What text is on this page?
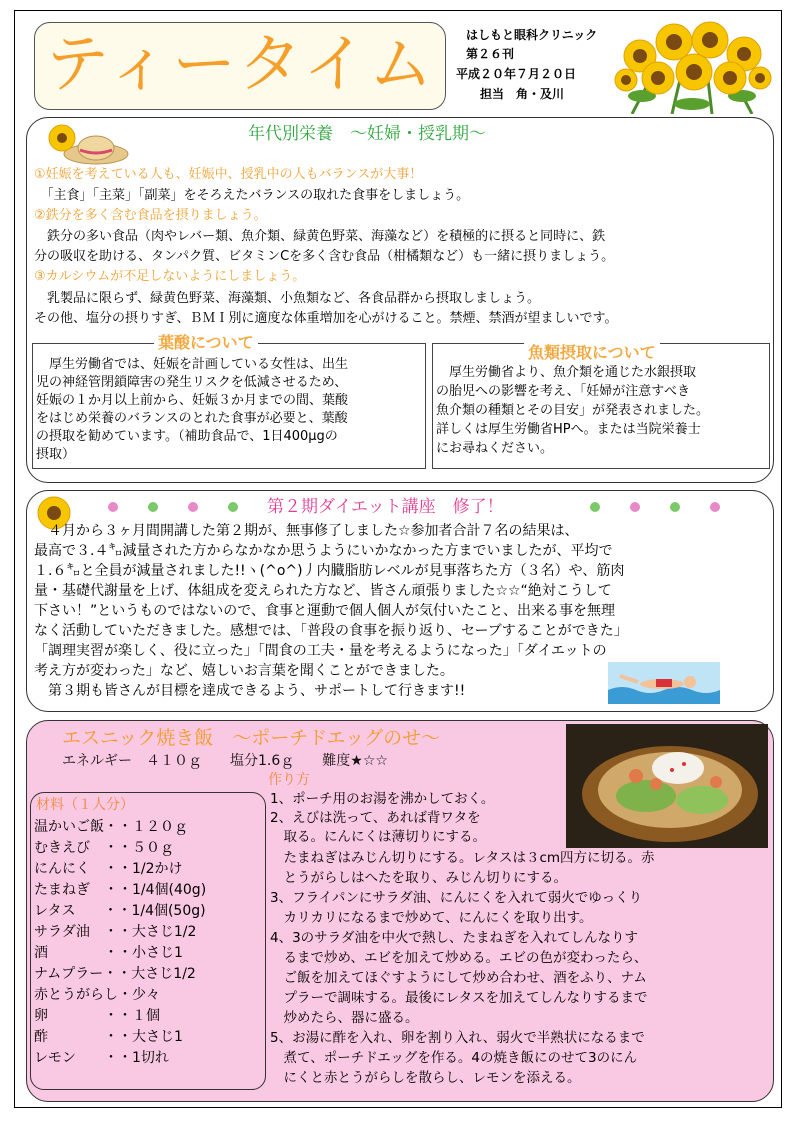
ティータイム	はしもと眼科クリニック
第２６刊
平成２０年７月２０日
担当　角・及川
年代別栄養　～妊婦・授乳期～
①妊娠を考えている人も、妊娠中、授乳中の人もバランスが大事！
　「主食」「主菜」「副菜」をそろえたバランスの取れた食事をしましょう。
②鉄分を多く含む食品を摂りましょう。
　鉄分の多い食品（肉やレバー類、魚介類、緑黄色野菜、海藻など）を積極的に摂ると同時に、鉄
分の吸収を助ける、タンパク質、ビタミンCを多く含む食品（柑橘類など）も一緒に摂りましょう。
③カルシウムが不足しないようにしましょう。
　乳製品に限らず、緑黄色野菜、海藻類、小魚類など、各食品群から摂取しましょう。
その他、塩分の摂りすぎ、ＢＭＩ別に適度な体重増加を心がけること。禁煙、禁酒が望ましいです。
葉酸について
　厚生労働省では、妊娠を計画している女性は、出生
児の神経管閉鎖障害の発生リスクを低減させるため、
妊娠の１か月以上前から、妊娠３か月までの間、葉酸
をはじめ栄養のバランスのとれた食事が必要と、葉酸
の摂取を勧めています。（補助食品で、1日400μgの
摂取）
魚類摂取について
　厚生労働省より、魚介類を通じた水銀摂取
の胎児への影響を考え、「妊婦が注意すべき
魚介類の種類とその目安」が発表されました。
詳しくは厚生労働省HPへ。または当院栄養士
にお尋ねください。
第２期ダイエット講座　修了！
　４月から３ヶ月間開講した第２期が、無事修了しました☆参加者合計７名の結果は、
最高で３.４㌔減量された方からなかなか思うようにいかなかった方までいましたが、平均で
１.６㌔と全員が減量されました!!ヽ(^o^)丿内臓脂肪レベルが見事落ちた方（３名）や、筋肉
量・基礎代謝量を上げ、体組成を変えられた方など、皆さん頑張りました☆☆“絶対こうして
下さい！”というものではないので、食事と運動で個人個人が気付いたこと、出来る事を無理
なく活動していただきました。感想では、「普段の食事を振り返り、セーブすることができた」
「調理実習が楽しく、役に立った」「間食の工夫・量を考えるようになった」「ダイエットの
考え方が変わった」など、嬉しいお言葉を聞くことができました。
　第３期も皆さんが目標を達成できるよう、サポートして行きます!!
エスニック焼き飯　～ポーチドエッグのせ～
エネルギー　４１０ｇ　　塩分1.6ｇ　　難度★☆☆
作り方
材料（１人分）
温かいご飯・・１２０ｇ
むきえび　・・５０ｇ
にんにく　・・1/2かけ
たまねぎ　・・1/4個(40g)
レタス　　・・1/4個(50g)
サラダ油　・・大さじ1/2
酒　　　　・・小さじ1
ナムプラー・・大さじ1/2
赤とうがらし・少々
卵　　　　・・１個
酢　　　　・・大さじ1
レモン　　・・1切れ
1、ポーチ用のお湯を沸かしておく。
2、えびは洗って、あれば背ワタを
　取る。にんにくは薄切りにする。
　たまねぎはみじん切りにする。レタスは３cm四方に切る。赤
　とうがらしはへたを取り、みじん切りにする。
3、フライパンにサラダ油、にんにくを入れて弱火でゆっくり
　カリカリになるまで炒めて、にんにくを取り出す。
4、3のサラダ油を中火で熱し、たまねぎを入れてしんなりす
　るまで炒め、エビを加えて炒める。エビの色が変わったら、
　ご飯を加えてほぐすようにして炒め合わせ、酒をふり、ナム
　プラーで調味する。最後にレタスを加えてしんなりするまで
　炒めたら、器に盛る。
5、お湯に酢を入れ、卵を割り入れ、弱火で半熟状になるまで
　煮て、ポーチドエッグを作る。4の焼き飯にのせて3のにん
　にくと赤とうがらしを散らし、レモンを添える。
